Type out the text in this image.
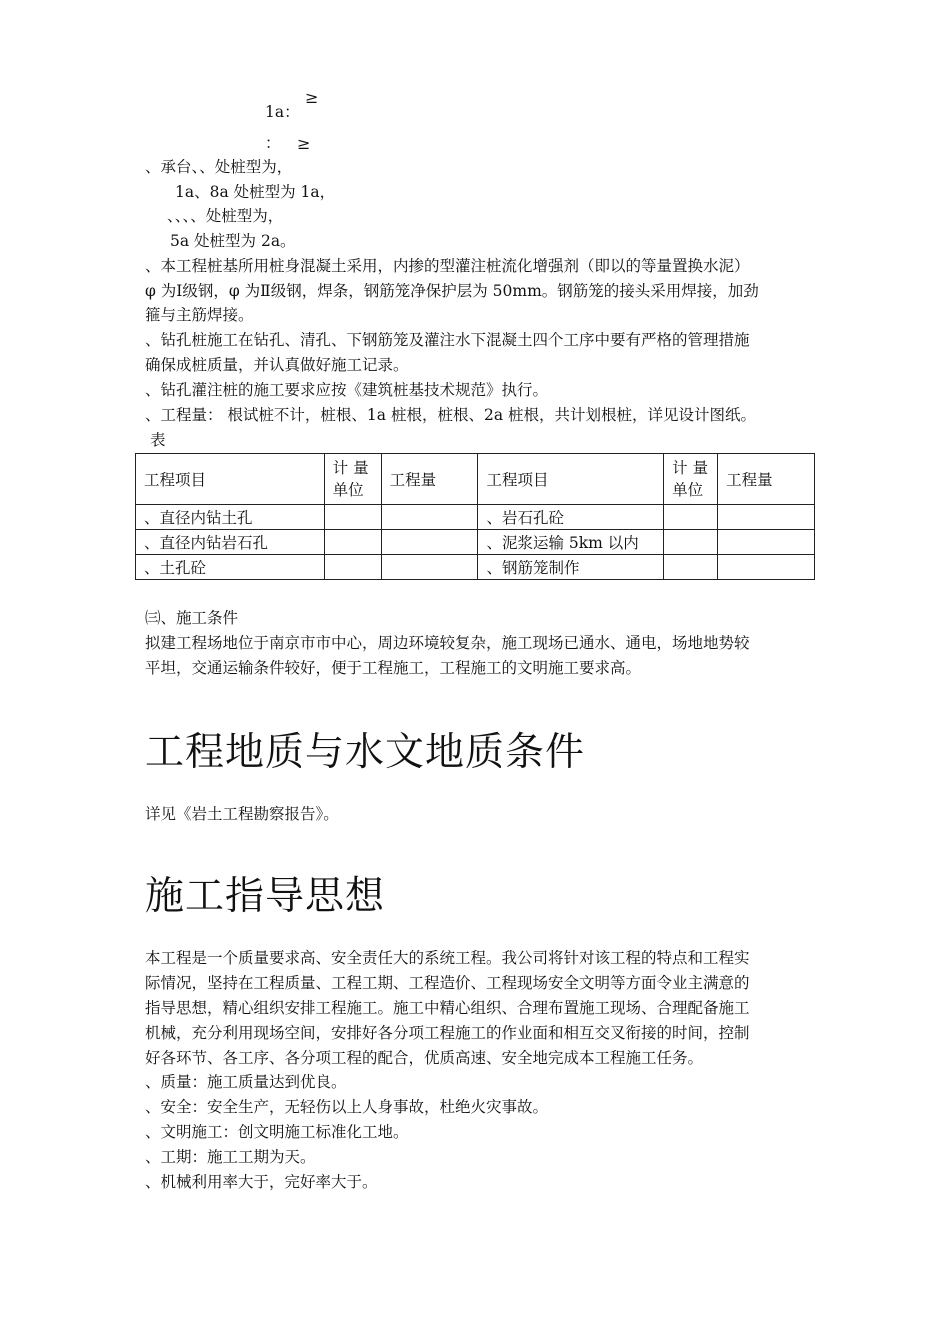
≥
1a：
： ≥
、承台、、处桩型为，
1a、8a 处桩型为 1a，
、、、、处桩型为，
5a 处桩型为 2a。
、本工程桩基所用桩身混凝土采用，内掺的型灌注桩流化增强剂（即以的等量置换水泥）
φ 为Ⅰ级钢，φ 为Ⅱ级钢，焊条，钢筋笼净保护层为 50mm。钢筋笼的接头采用焊接，加劲
箍与主筋焊接。
、钻孔桩施工在钻孔、清孔、下钢筋笼及灌注水下混凝土四个工序中要有严格的管理措施
确保成桩质量，并认真做好施工记录。
、钻孔灌注桩的施工要求应按《建筑桩基技术规范》执行。
、工程量： 根试桩不计，桩根、1a 桩根，桩根、2a 桩根，共计划根桩，详见设计图纸。
表
工程项目	计 量 单位	工程量	工程项目	计 量 单位	工程量
、直径内钻土孔			、岩石孔砼		
、直径内钻岩石孔			、泥浆运输 5km 以内		
、土孔砼			、钢筋笼制作		
㈢、施工条件
拟建工程场地位于南京市市中心，周边环境较复杂，施工现场已通水、通电，场地地势较
平坦，交通运输条件较好，便于工程施工，工程施工的文明施工要求高。
工程地质与水文地质条件
详见《岩土工程勘察报告》。
施工指导思想
本工程是一个质量要求高、安全责任大的系统工程。我公司将针对该工程的特点和工程实
际情况，坚持在工程质量、工程工期、工程造价、工程现场安全文明等方面令业主满意的
指导思想，精心组织安排工程施工。施工中精心组织、合理布置施工现场、合理配备施工
机械，充分利用现场空间，安排好各分项工程施工的作业面和相互交叉衔接的时间，控制
好各环节、各工序、各分项工程的配合，优质高速、安全地完成本工程施工任务。
、质量：施工质量达到优良。
、安全：安全生产，无轻伤以上人身事故，杜绝火灾事故。
、文明施工：创文明施工标准化工地。
、工期：施工工期为天。
、机械利用率大于，完好率大于。
